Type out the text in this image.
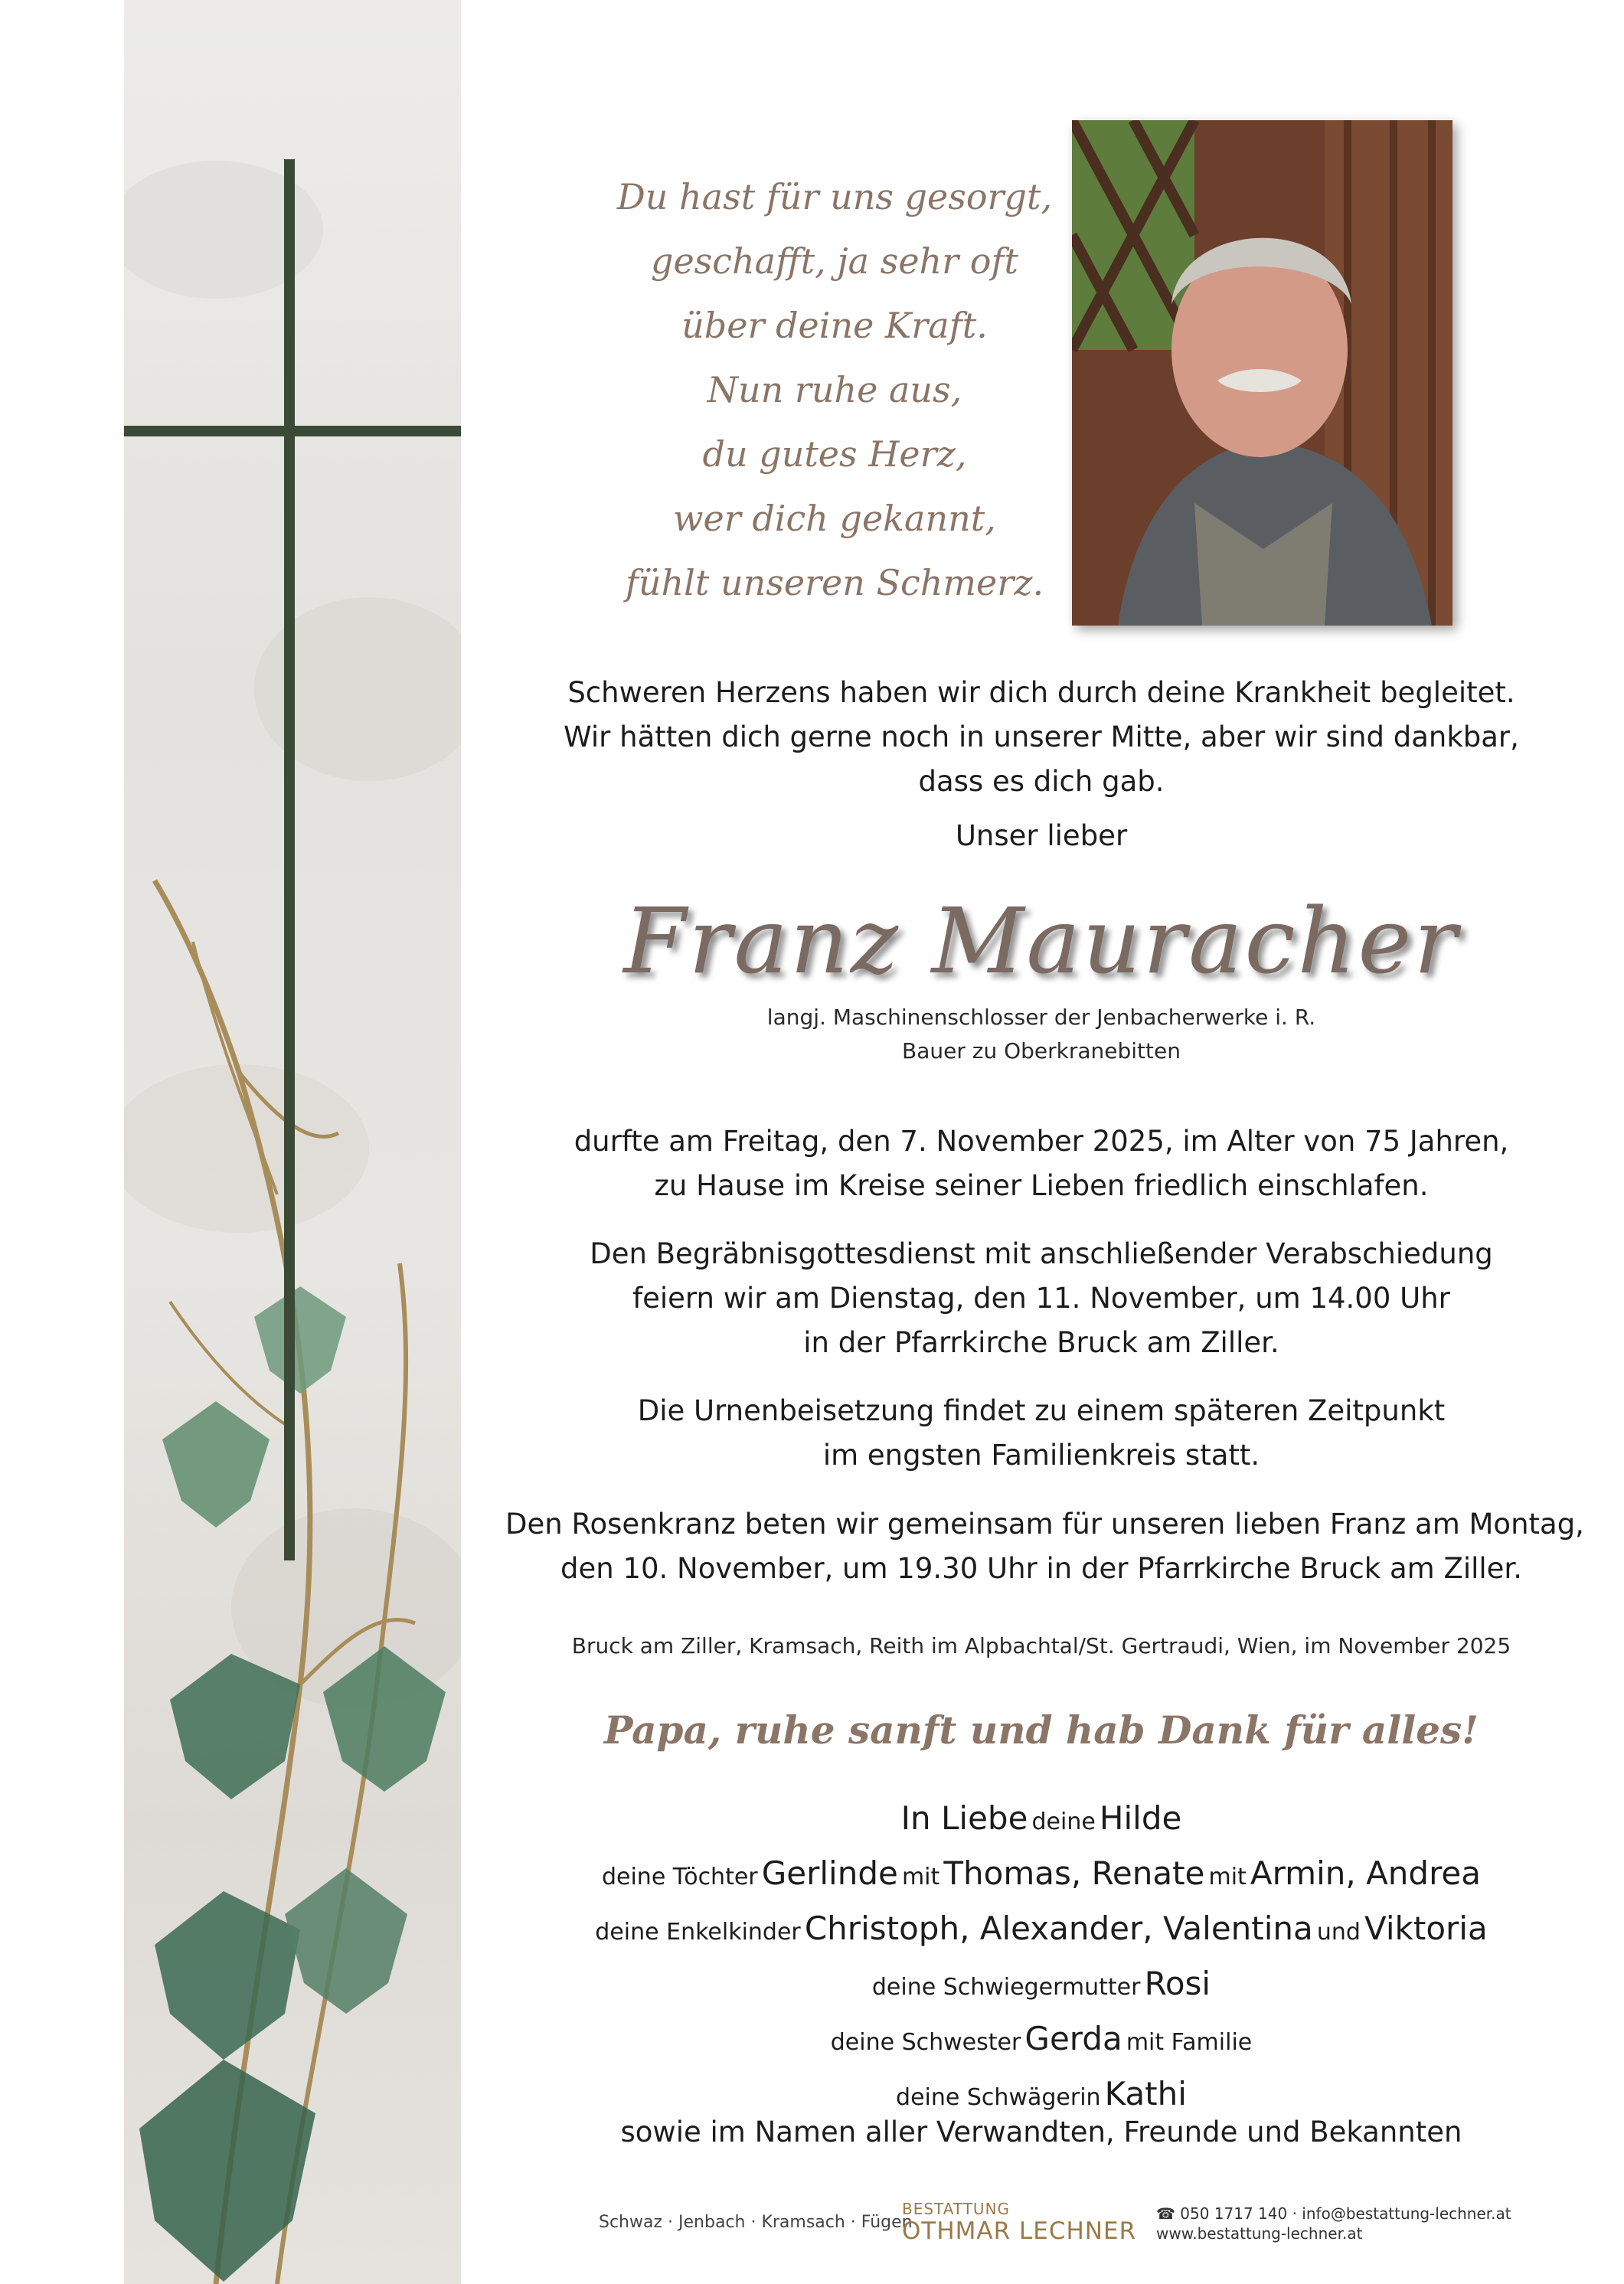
Du hast für uns gesorgt,
geschafft, ja sehr oft
über deine Kraft.
Nun ruhe aus,
du gutes Herz,
wer dich gekannt,
fühlt unseren Schmerz.
Schweren Herzens haben wir dich durch deine Krankheit begleitet.
Wir hätten dich gerne noch in unserer Mitte, aber wir sind dankbar,
dass es dich gab.
Unser lieber
Franz Mauracher
langj. Maschinenschlosser der Jenbacherwerke i. R.
Bauer zu Oberkranebitten
durfte am Freitag, den 7. November 2025, im Alter von 75 Jahren,
zu Hause im Kreise seiner Lieben friedlich einschlafen.
Den Begräbnisgottesdienst mit anschließender Verabschiedung
feiern wir am Dienstag, den 11. November, um 14.00 Uhr
in der Pfarrkirche Bruck am Ziller.
Die Urnenbeisetzung findet zu einem späteren Zeitpunkt
im engsten Familienkreis statt.
Den Rosenkranz beten wir gemeinsam für unseren lieben Franz am Montag,
den 10. November, um 19.30 Uhr in der Pfarrkirche Bruck am Ziller.
Bruck am Ziller, Kramsach, Reith im Alpbachtal/St. Gertraudi, Wien, im November 2025
Papa, ruhe sanft und hab Dank für alles!
In Liebe deine Hilde
deine Töchter Gerlinde mit Thomas, Renate mit Armin, Andrea
deine Enkelkinder Christoph, Alexander, Valentina und Viktoria
deine Schwiegermutter Rosi
deine Schwester Gerda mit Familie
deine Schwägerin Kathi
sowie im Namen aller Verwandten, Freunde und Bekannten
Schwaz · Jenbach · Kramsach · Fügen
BESTATTUNG
OTHMAR LECHNER
☎ 050 1717 140 · info@bestattung-lechner.at
www.bestattung-lechner.at
